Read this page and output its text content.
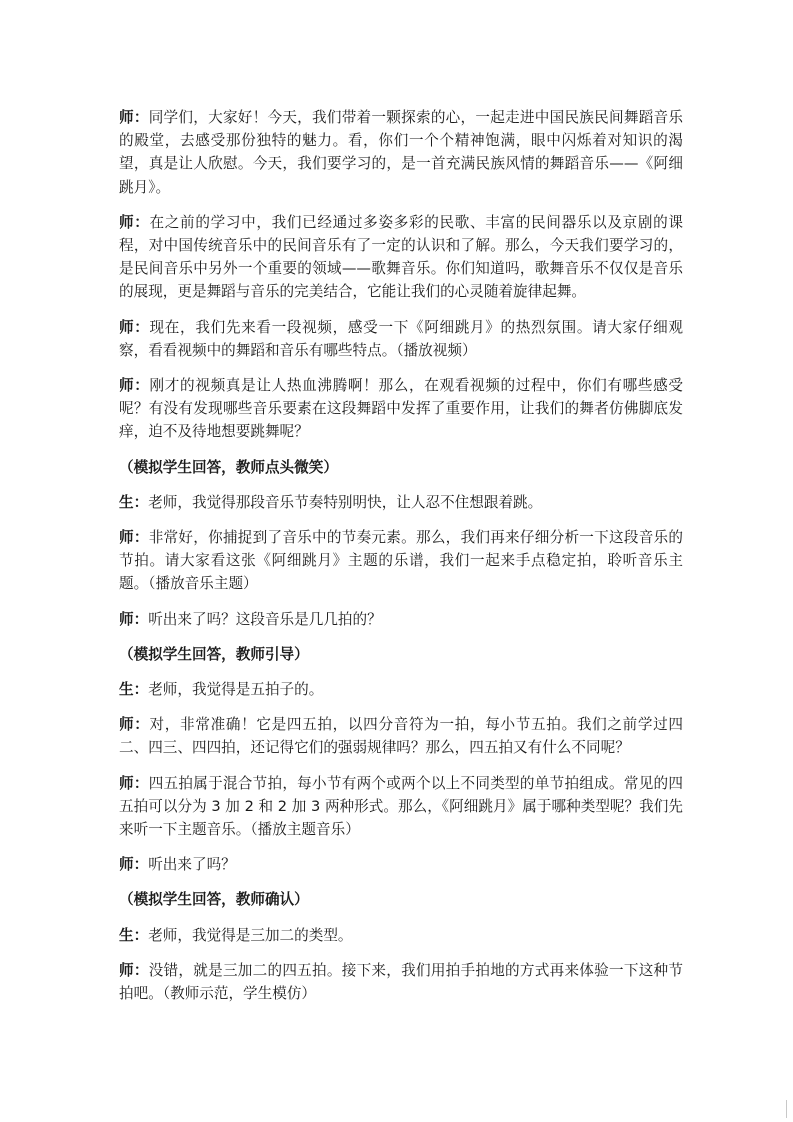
师：同学们，大家好！今天，我们带着一颗探索的心，一起走进中国民族民间舞蹈音乐的殿堂，去感受那份独特的魅力。看，你们一个个精神饱满，眼中闪烁着对知识的渴望，真是让人欣慰。今天，我们要学习的，是一首充满民族风情的舞蹈音乐——《阿细跳月》。

师：在之前的学习中，我们已经通过多姿多彩的民歌、丰富的民间器乐以及京剧的课程，对中国传统音乐中的民间音乐有了一定的认识和了解。那么，今天我们要学习的，是民间音乐中另外一个重要的领域——歌舞音乐。你们知道吗，歌舞音乐不仅仅是音乐的展现，更是舞蹈与音乐的完美结合，它能让我们的心灵随着旋律起舞。

师：现在，我们先来看一段视频，感受一下《阿细跳月》的热烈氛围。请大家仔细观察，看看视频中的舞蹈和音乐有哪些特点。（播放视频）

师：刚才的视频真是让人热血沸腾啊！那么，在观看视频的过程中，你们有哪些感受呢？有没有发现哪些音乐要素在这段舞蹈中发挥了重要作用，让我们的舞者仿佛脚底发痒，迫不及待地想要跳舞呢？

（模拟学生回答，教师点头微笑）

生：老师，我觉得那段音乐节奏特别明快，让人忍不住想跟着跳。

师：非常好，你捕捉到了音乐中的节奏元素。那么，我们再来仔细分析一下这段音乐的节拍。请大家看这张《阿细跳月》主题的乐谱，我们一起来手点稳定拍，聆听音乐主题。（播放音乐主题）

师：听出来了吗？这段音乐是几几拍的？

（模拟学生回答，教师引导）

生：老师，我觉得是五拍子的。

师：对，非常准确！它是四五拍，以四分音符为一拍，每小节五拍。我们之前学过四二、四三、四四拍，还记得它们的强弱规律吗？那么，四五拍又有什么不同呢？

师：四五拍属于混合节拍，每小节有两个或两个以上不同类型的单节拍组成。常见的四五拍可以分为 3 加 2 和 2 加 3 两种形式。那么，《阿细跳月》属于哪种类型呢？我们先来听一下主题音乐。（播放主题音乐）

师：听出来了吗？

（模拟学生回答，教师确认）

生：老师，我觉得是三加二的类型。

师：没错，就是三加二的四五拍。接下来，我们用拍手拍地的方式再来体验一下这种节拍吧。（教师示范，学生模仿）
